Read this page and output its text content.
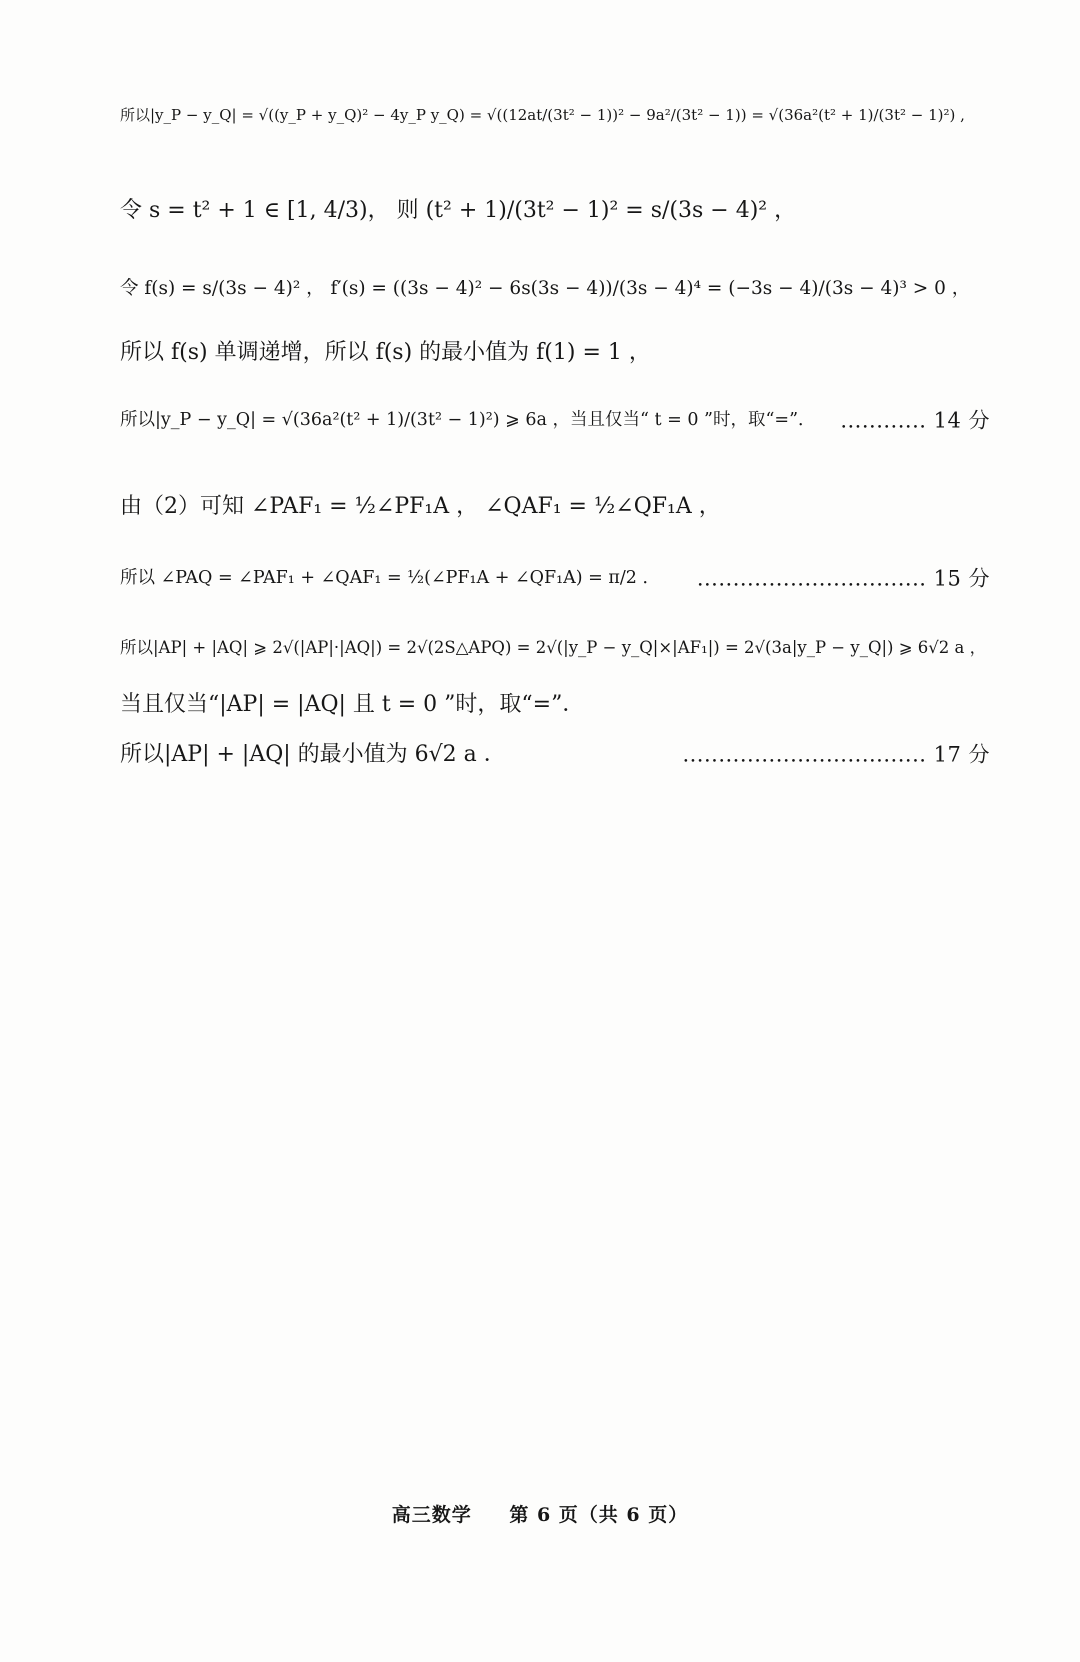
所以|y_P − y_Q| = √((y_P + y_Q)² − 4y_P y_Q) = √((12at/(3t² − 1))² − 9a²/(3t² − 1)) = √(36a²(t² + 1)/(3t² − 1)²) ,
令 s = t² + 1 ∈ [1, 4/3)， 则 (t² + 1)/(3t² − 1)² = s/(3s − 4)² ，
令 f(s) = s/(3s − 4)² ， f′(s) = ((3s − 4)² − 6s(3s − 4))/(3s − 4)⁴ = (−3s − 4)/(3s − 4)³ > 0 ，
所以 f(s) 单调递增，所以 f(s) 的最小值为 f(1) = 1 ，
所以|y_P − y_Q| = √(36a²(t² + 1)/(3t² − 1)²) ⩾ 6a ，当且仅当“ t = 0 ”时，取“=”． ............ 14 分
由（2）可知 ∠PAF₁ = ½∠PF₁A ， ∠QAF₁ = ½∠QF₁A ，
所以 ∠PAQ = ∠PAF₁ + ∠QAF₁ = ½(∠PF₁A + ∠QF₁A) = π/2 ． ................................ 15 分
所以|AP| + |AQ| ⩾ 2√(|AP|·|AQ|) = 2√(2S△APQ) = 2√(|y_P − y_Q|×|AF₁|) = 2√(3a|y_P − y_Q|) ⩾ 6√2 a ，
当且仅当“|AP| = |AQ| 且 t = 0 ”时，取“=”．
所以|AP| + |AQ| 的最小值为 6√2 a ．	.................................. 17 分
高三数学 第 6 页（共 6 页）
